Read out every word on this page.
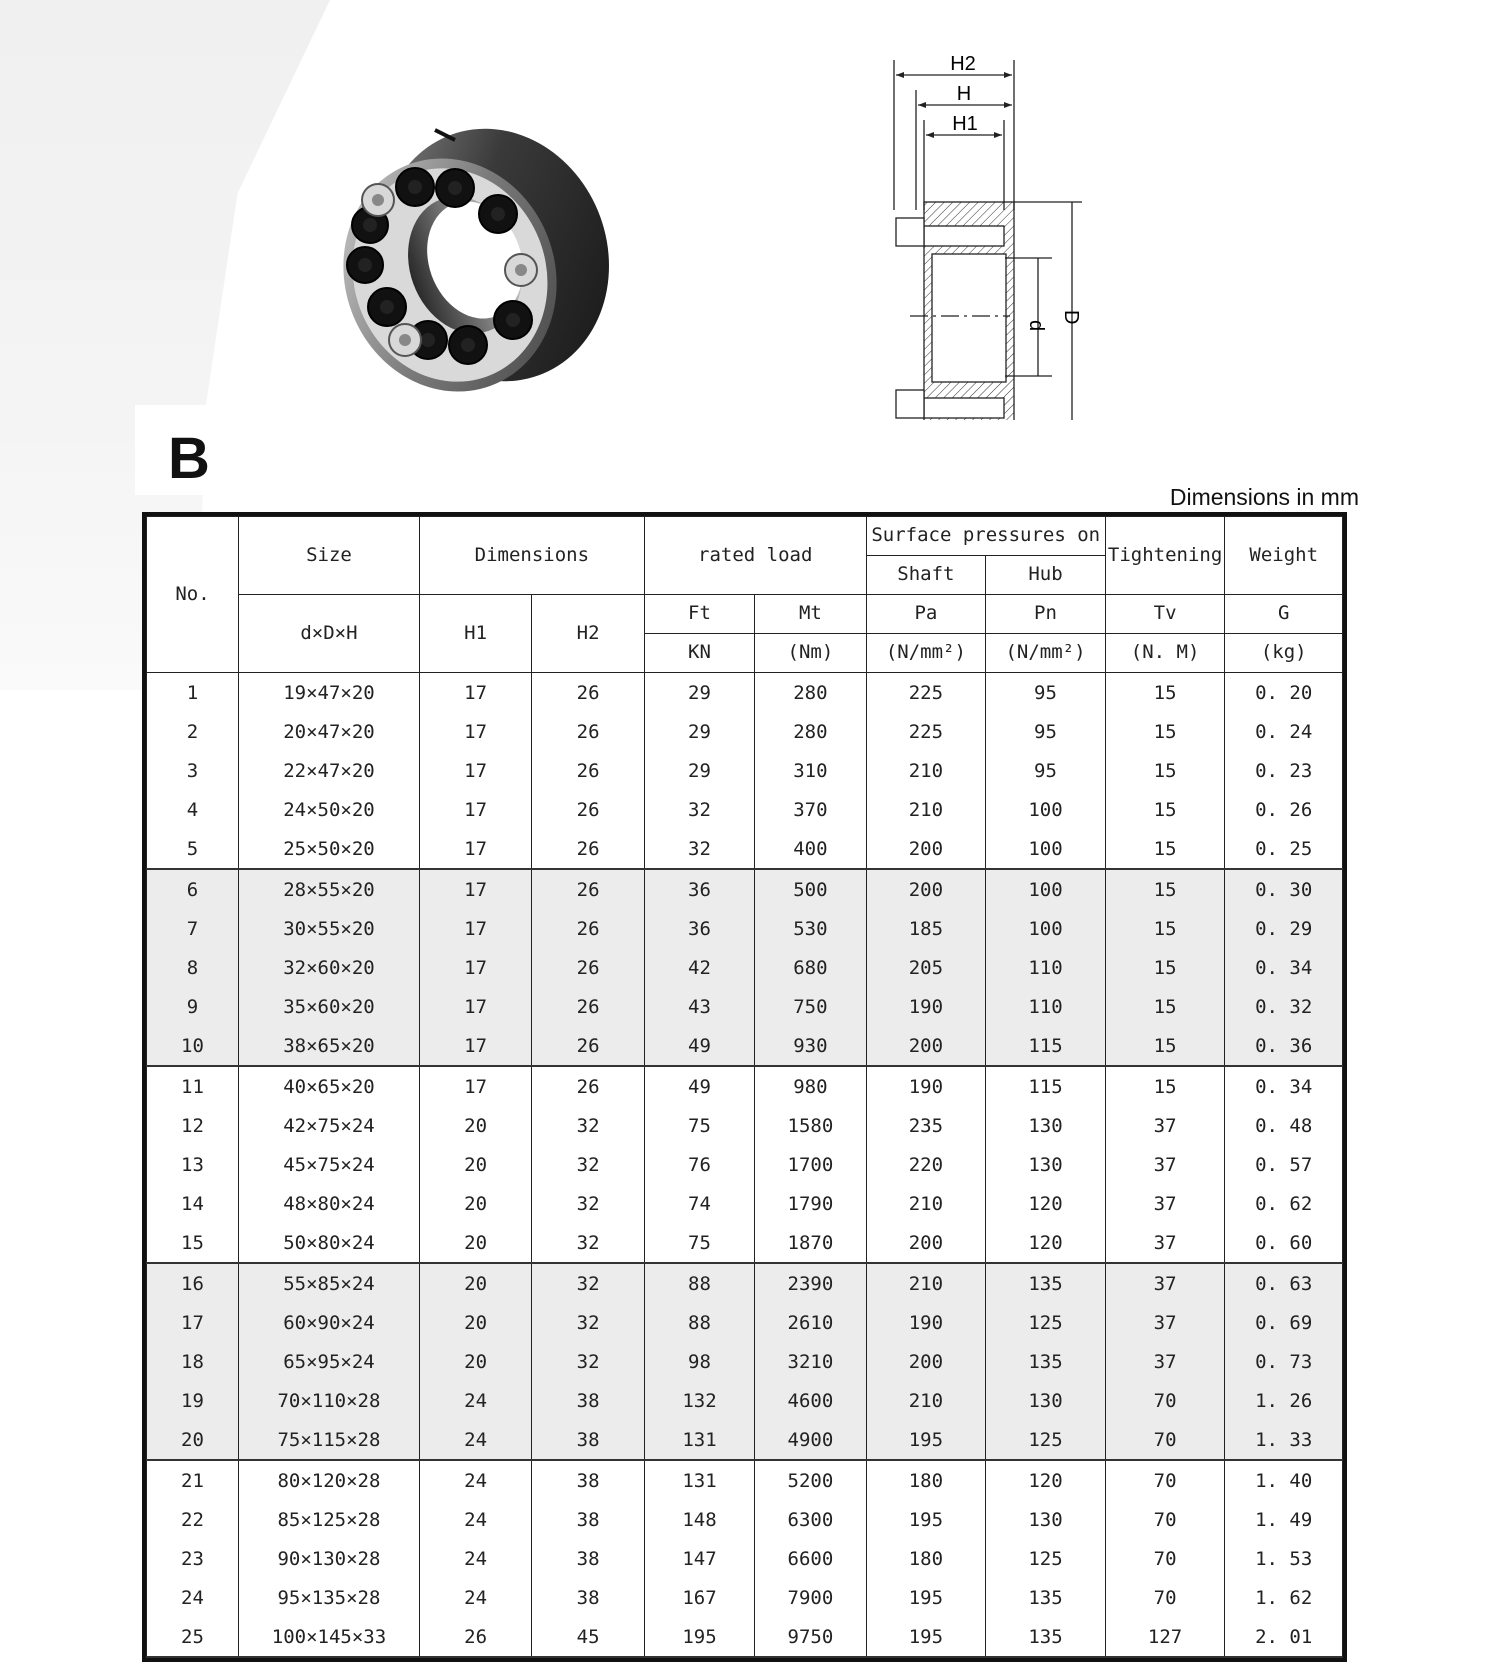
H2
H
H1
d
D
B
Dimensions in mm
No.	Size	Dimensions		rated load		Surface pressures on		Tightening	Weight
						Shaft	Hub		
	d×D×H	H1	H2	Ft	Mt	Pa	Pn	Tv	G
				KN	(Nm)	(N/mm²)	(N/mm²)	(N. M)	(kg)
1	19×47×20	17	26	29	280	225	95	15	0. 20
2	20×47×20	17	26	29	280	225	95	15	0. 24
3	22×47×20	17	26	29	310	210	95	15	0. 23
4	24×50×20	17	26	32	370	210	100	15	0. 26
5	25×50×20	17	26	32	400	200	100	15	0. 25
6	28×55×20	17	26	36	500	200	100	15	0. 30
7	30×55×20	17	26	36	530	185	100	15	0. 29
8	32×60×20	17	26	42	680	205	110	15	0. 34
9	35×60×20	17	26	43	750	190	110	15	0. 32
10	38×65×20	17	26	49	930	200	115	15	0. 36
11	40×65×20	17	26	49	980	190	115	15	0. 34
12	42×75×24	20	32	75	1580	235	130	37	0. 48
13	45×75×24	20	32	76	1700	220	130	37	0. 57
14	48×80×24	20	32	74	1790	210	120	37	0. 62
15	50×80×24	20	32	75	1870	200	120	37	0. 60
16	55×85×24	20	32	88	2390	210	135	37	0. 63
17	60×90×24	20	32	88	2610	190	125	37	0. 69
18	65×95×24	20	32	98	3210	200	135	37	0. 73
19	70×110×28	24	38	132	4600	210	130	70	1. 26
20	75×115×28	24	38	131	4900	195	125	70	1. 33
21	80×120×28	24	38	131	5200	180	120	70	1. 40
22	85×125×28	24	38	148	6300	195	130	70	1. 49
23	90×130×28	24	38	147	6600	180	125	70	1. 53
24	95×135×28	24	38	167	7900	195	135	70	1. 62
25	100×145×33	26	45	195	9750	195	135	127	2. 01
